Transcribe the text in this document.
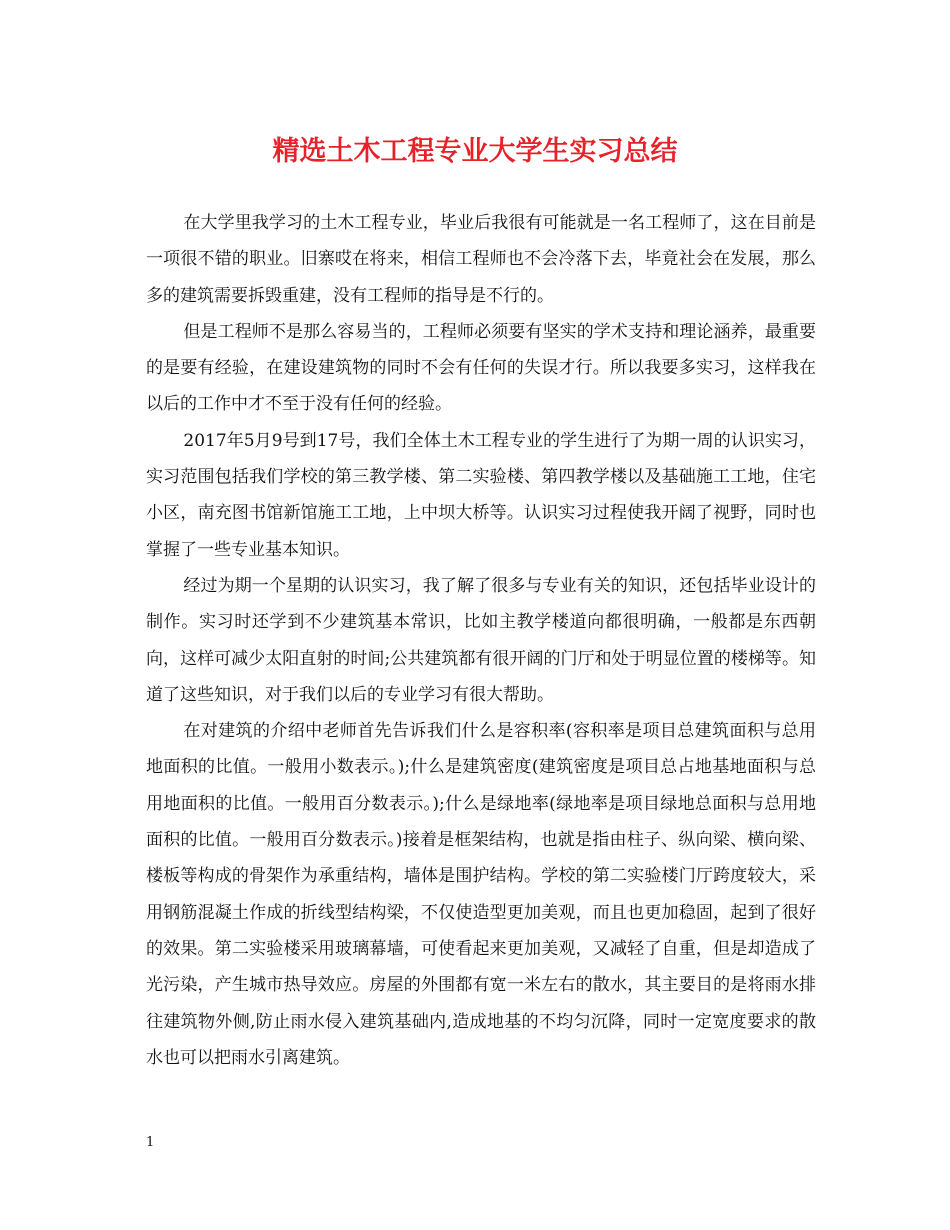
精选土木工程专业大学生实习总结

在大学里我学习的土木工程专业，毕业后我很有可能就是一名工程师了，这在目前是一项很不错的职业。旧寨哎在将来，相信工程师也不会冷落下去，毕竟社会在发展，那么多的建筑需要拆毁重建，没有工程师的指导是不行的。

但是工程师不是那么容易当的，工程师必须要有坚实的学术支持和理论涵养，最重要的是要有经验，在建设建筑物的同时不会有任何的失误才行。所以我要多实习，这样我在以后的工作中才不至于没有任何的经验。

2017年5月9号到17号，我们全体土木工程专业的学生进行了为期一周的认识实习，实习范围包括我们学校的第三教学楼、第二实验楼、第四教学楼以及基础施工工地，住宅小区，南充图书馆新馆施工工地，上中坝大桥等。认识实习过程使我开阔了视野，同时也掌握了一些专业基本知识。

经过为期一个星期的认识实习，我了解了很多与专业有关的知识，还包括毕业设计的制作。实习时还学到不少建筑基本常识，比如主教学楼道向都很明确，一般都是东西朝向，这样可减少太阳直射的时间;公共建筑都有很开阔的门厅和处于明显位置的楼梯等。知道了这些知识，对于我们以后的专业学习有很大帮助。

在对建筑的介绍中老师首先告诉我们什么是容积率(容积率是项目总建筑面积与总用地面积的比值。一般用小数表示。);什么是建筑密度(建筑密度是项目总占地基地面积与总用地面积的比值。一般用百分数表示。);什么是绿地率(绿地率是项目绿地总面积与总用地面积的比值。一般用百分数表示。)接着是框架结构，也就是指由柱子、纵向梁、横向梁、楼板等构成的骨架作为承重结构，墙体是围护结构。学校的第二实验楼门厅跨度较大，采用钢筋混凝土作成的折线型结构梁，不仅使造型更加美观，而且也更加稳固，起到了很好的效果。第二实验楼采用玻璃幕墙，可使看起来更加美观，又减轻了自重，但是却造成了光污染，产生城市热导效应。房屋的外围都有宽一米左右的散水，其主要目的是将雨水排往建筑物外侧,防止雨水侵入建筑基础内,造成地基的不均匀沉降，同时一定宽度要求的散水也可以把雨水引离建筑。

1
